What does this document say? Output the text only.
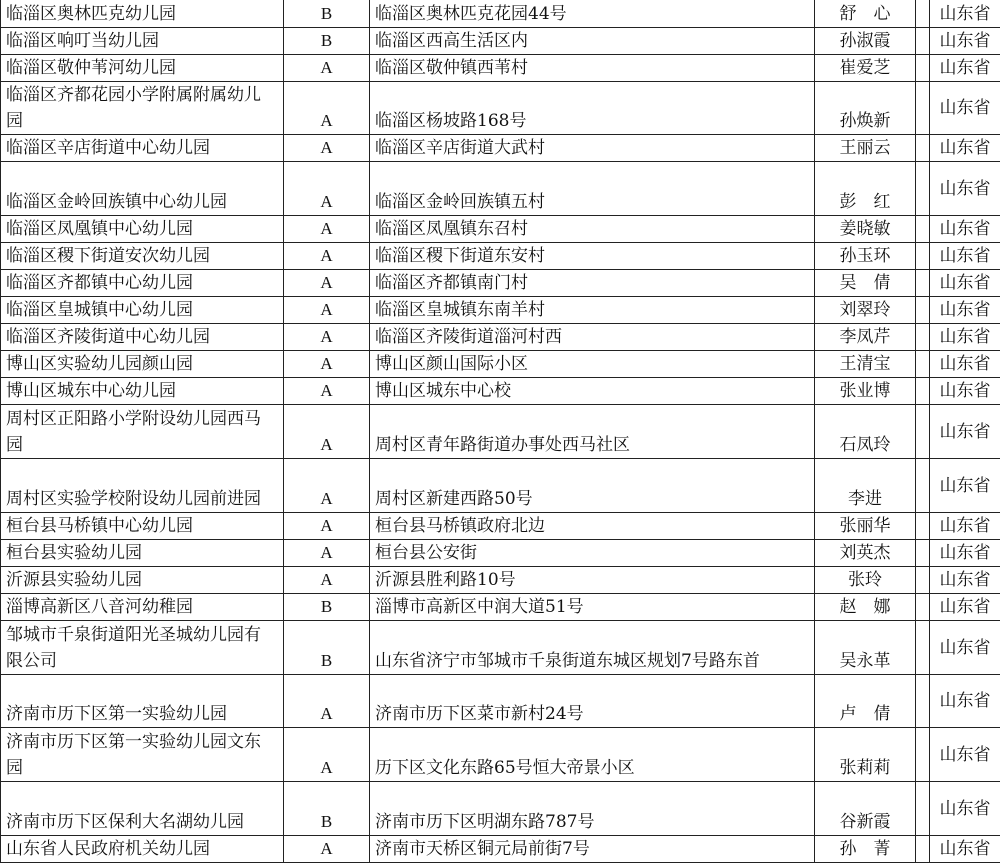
临淄区奥林匹克幼儿园	B	临淄区奥林匹克花园44号	舒　心		山东省
临淄区响叮当幼儿园	B	临淄区西高生活区内	孙淑霞		山东省
临淄区敬仲苇河幼儿园	A	临淄区敬仲镇西苇村	崔爱芝		山东省
临淄区齐都花园小学附属附属幼儿园	A	临淄区杨坡路168号	孙焕新		山东省
临淄区辛店街道中心幼儿园	A	临淄区辛店街道大武村	王丽云		山东省
临淄区金岭回族镇中心幼儿园	A	临淄区金岭回族镇五村	彭　红		山东省
临淄区凤凰镇中心幼儿园	A	临淄区凤凰镇东召村	姜晓敏		山东省
临淄区稷下街道安次幼儿园	A	临淄区稷下街道东安村	孙玉环		山东省
临淄区齐都镇中心幼儿园	A	临淄区齐都镇南门村	吴　倩		山东省
临淄区皇城镇中心幼儿园	A	临淄区皇城镇东南羊村	刘翠玲		山东省
临淄区齐陵街道中心幼儿园	A	临淄区齐陵街道淄河村西	李凤芹		山东省
博山区实验幼儿园颜山园	A	博山区颜山国际小区	王清宝		山东省
博山区城东中心幼儿园	A	博山区城东中心校	张业博		山东省
周村区正阳路小学附设幼儿园西马园	A	周村区青年路街道办事处西马社区	石凤玲		山东省
周村区实验学校附设幼儿园前进园	A	周村区新建西路50号	李进		山东省
桓台县马桥镇中心幼儿园	A	桓台县马桥镇政府北边	张丽华		山东省
桓台县实验幼儿园	A	桓台县公安街	刘英杰		山东省
沂源县实验幼儿园	A	沂源县胜利路10号	张玲		山东省
淄博高新区八音河幼稚园	B	淄博市高新区中润大道51号	赵　娜		山东省
邹城市千泉街道阳光圣城幼儿园有限公司	B	山东省济宁市邹城市千泉街道东城区规划7号路东首	吴永革		山东省
济南市历下区第一实验幼儿园	A	济南市历下区菜市新村24号	卢　倩		山东省
济南市历下区第一实验幼儿园文东园	A	历下区文化东路65号恒大帝景小区	张莉莉		山东省
济南市历下区保利大名湖幼儿园	B	济南市历下区明湖东路787号	谷新霞		山东省
山东省人民政府机关幼儿园	A	济南市天桥区铜元局前街7号	孙　菁		山东省
